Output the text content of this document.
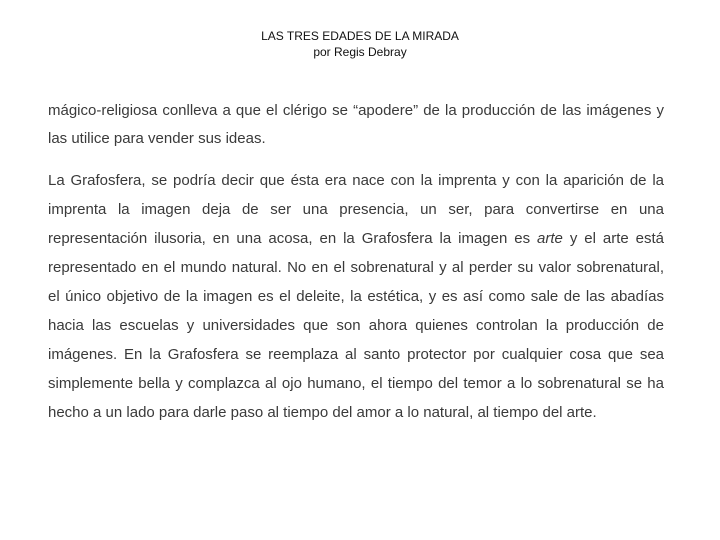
LAS TRES EDADES DE LA MIRADA
por Regis Debray

mágico-religiosa conlleva a que el clérigo se “apodere” de la producción de las imágenes y las utilice para vender sus ideas.

La Grafosfera, se podría decir que ésta era nace con la imprenta y con la aparición de la imprenta la imagen deja de ser una presencia, un ser, para convertirse en una representación ilusoria, en una acosa, en la Grafosfera la imagen es arte y el arte está representado en el mundo natural. No en el sobrenatural y al perder su valor sobrenatural, el único objetivo de la imagen es el deleite, la estética, y es así como sale de las abadías hacia las escuelas y universidades que son ahora quienes controlan la producción de imágenes. En la Grafosfera se reemplaza al santo protector por cualquier cosa que sea simplemente bella y complazca al ojo humano, el tiempo del temor a lo sobrenatural se ha hecho a un lado para darle paso al tiempo del amor a lo natural, al tiempo del arte.
